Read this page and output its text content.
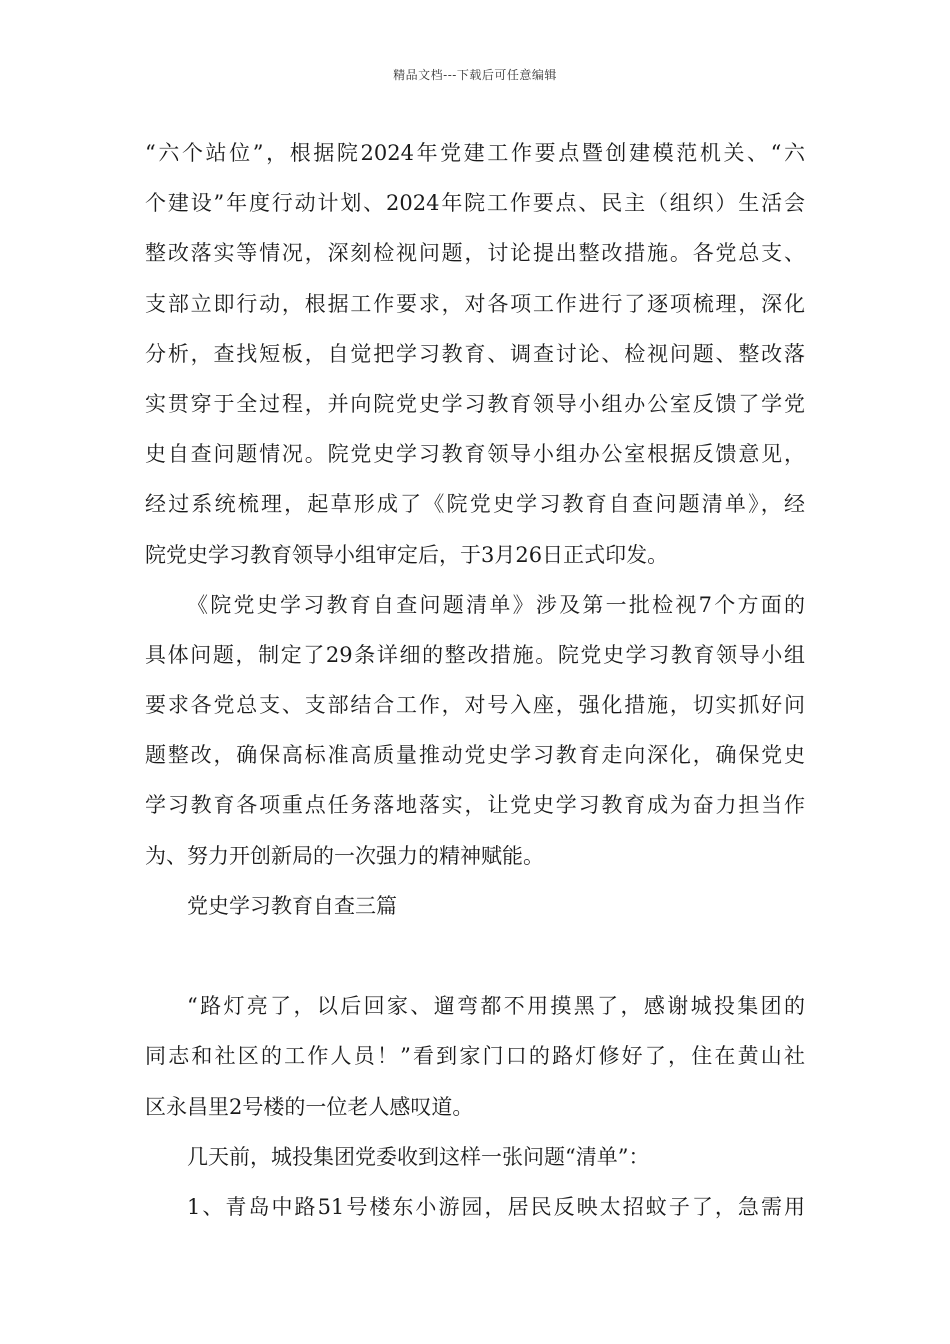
精品文档---下载后可任意编辑
“六个站位”，根据院2024年党建工作要点暨创建模范机关、“六
个建设”年度行动计划、2024年院工作要点、民主（组织）生活会
整改落实等情况，深刻检视问题，讨论提出整改措施。各党总支、
支部立即行动，根据工作要求，对各项工作进行了逐项梳理，深化
分析，查找短板，自觉把学习教育、调查讨论、检视问题、整改落
实贯穿于全过程，并向院党史学习教育领导小组办公室反馈了学党
史自查问题情况。院党史学习教育领导小组办公室根据反馈意见，
经过系统梳理，起草形成了《院党史学习教育自查问题清单》，经
院党史学习教育领导小组审定后，于3月26日正式印发。
《院党史学习教育自查问题清单》涉及第一批检视7个方面的
具体问题，制定了29条详细的整改措施。院党史学习教育领导小组
要求各党总支、支部结合工作，对号入座，强化措施，切实抓好问
题整改，确保高标准高质量推动党史学习教育走向深化，确保党史
学习教育各项重点任务落地落实，让党史学习教育成为奋力担当作
为、努力开创新局的一次强力的精神赋能。
党史学习教育自查三篇
“路灯亮了，以后回家、遛弯都不用摸黑了，感谢城投集团的
同志和社区的工作人员！”看到家门口的路灯修好了，住在黄山社
区永昌里2号楼的一位老人感叹道。
几天前，城投集团党委收到这样一张问题“清单”：
1、青岛中路51号楼东小游园，居民反映太招蚊子了，急需用
